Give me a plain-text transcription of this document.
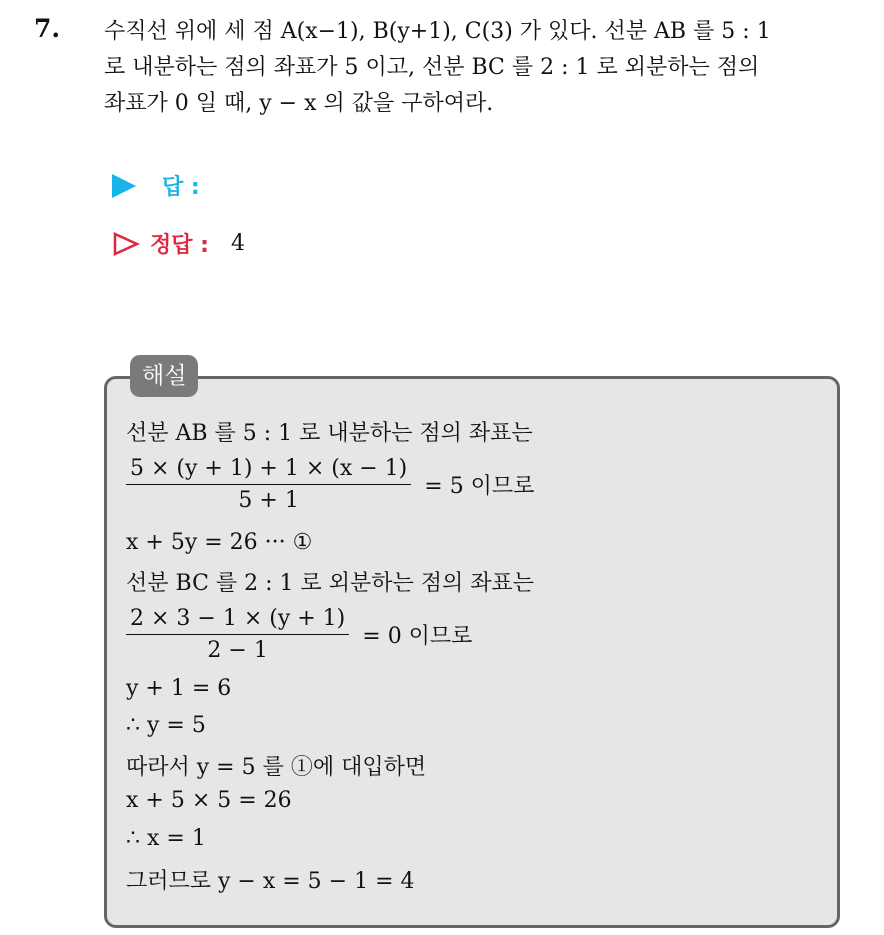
7. 수직선 위에 세 점 A(x−1), B(y+1), C(3) 가 있다. 선분 AB 를 5 : 1
로 내분하는 점의 좌표가 5 이고, 선분 BC 를 2 : 1 로 외분하는 점의
좌표가 0 일 때, y − x 의 값을 구하여라.
답 :
정답 : 4
해설
선분 AB 를 5 : 1 로 내분하는 점의 좌표는
$\frac{5 \times (y + 1) + 1 \times (x - 1)}{5 + 1} = 5$ 이므로
x + 5y = 26 ··· ①
선분 BC 를 2 : 1 로 외분하는 점의 좌표는
$\frac{2 \times 3 - 1 \times (y + 1)}{2 - 1} = 0$ 이므로
y + 1 = 6
∴ y = 5
따라서 y = 5 를 ①에 대입하면
x + 5 × 5 = 26
∴ x = 1
그러므로 y − x = 5 − 1 = 4
